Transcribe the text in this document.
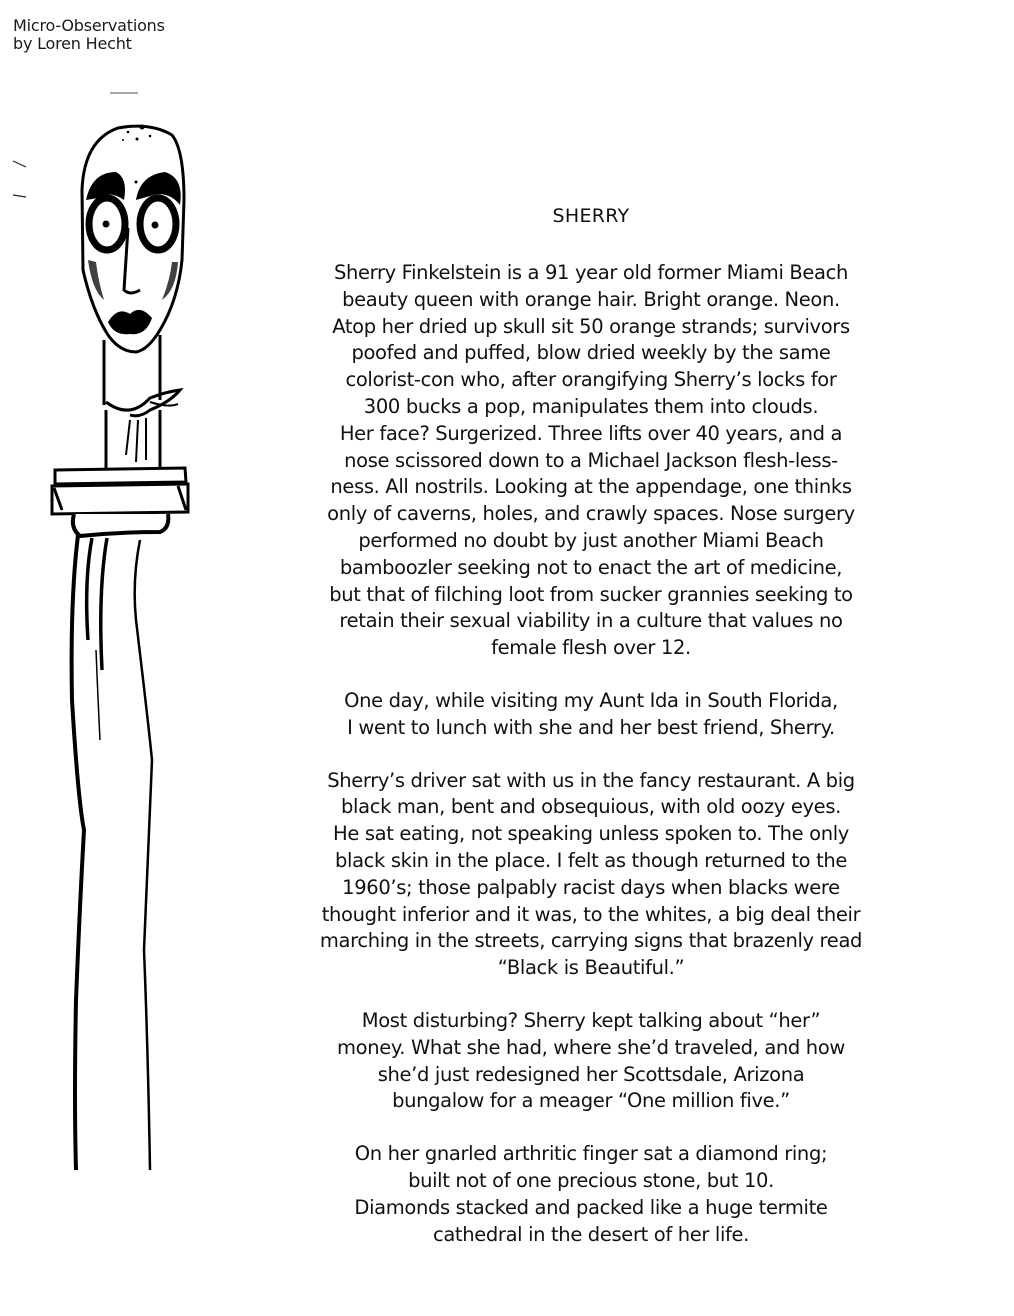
Micro-Observations
by Loren Hecht
SHERRY
Sherry Finkelstein is a 91 year old former Miami Beach
beauty queen with orange hair. Bright orange. Neon.
Atop her dried up skull sit 50 orange strands; survivors
poofed and puffed, blow dried weekly by the same
colorist-con who, after orangifying Sherry’s locks for
300 bucks a pop, manipulates them into clouds.
Her face? Surgerized. Three lifts over 40 years, and a
nose scissored down to a Michael Jackson flesh-less-
ness. All nostrils. Looking at the appendage, one thinks
only of caverns, holes, and crawly spaces. Nose surgery
performed no doubt by just another Miami Beach
bamboozler seeking not to enact the art of medicine,
but that of filching loot from sucker grannies seeking to
retain their sexual viability in a culture that values no
female flesh over 12.
One day, while visiting my Aunt Ida in South Florida,
I went to lunch with she and her best friend, Sherry.
Sherry’s driver sat with us in the fancy restaurant. A big
black man, bent and obsequious, with old oozy eyes.
He sat eating, not speaking unless spoken to. The only
black skin in the place. I felt as though returned to the
1960’s; those palpably racist days when blacks were
thought inferior and it was, to the whites, a big deal their
marching in the streets, carrying signs that brazenly read
“Black is Beautiful.”
Most disturbing? Sherry kept talking about “her”
money. What she had, where she’d traveled, and how
she’d just redesigned her Scottsdale, Arizona
bungalow for a meager “One million five.”
On her gnarled arthritic finger sat a diamond ring;
built not of one precious stone, but 10.
Diamonds stacked and packed like a huge termite
cathedral in the desert of her life.
